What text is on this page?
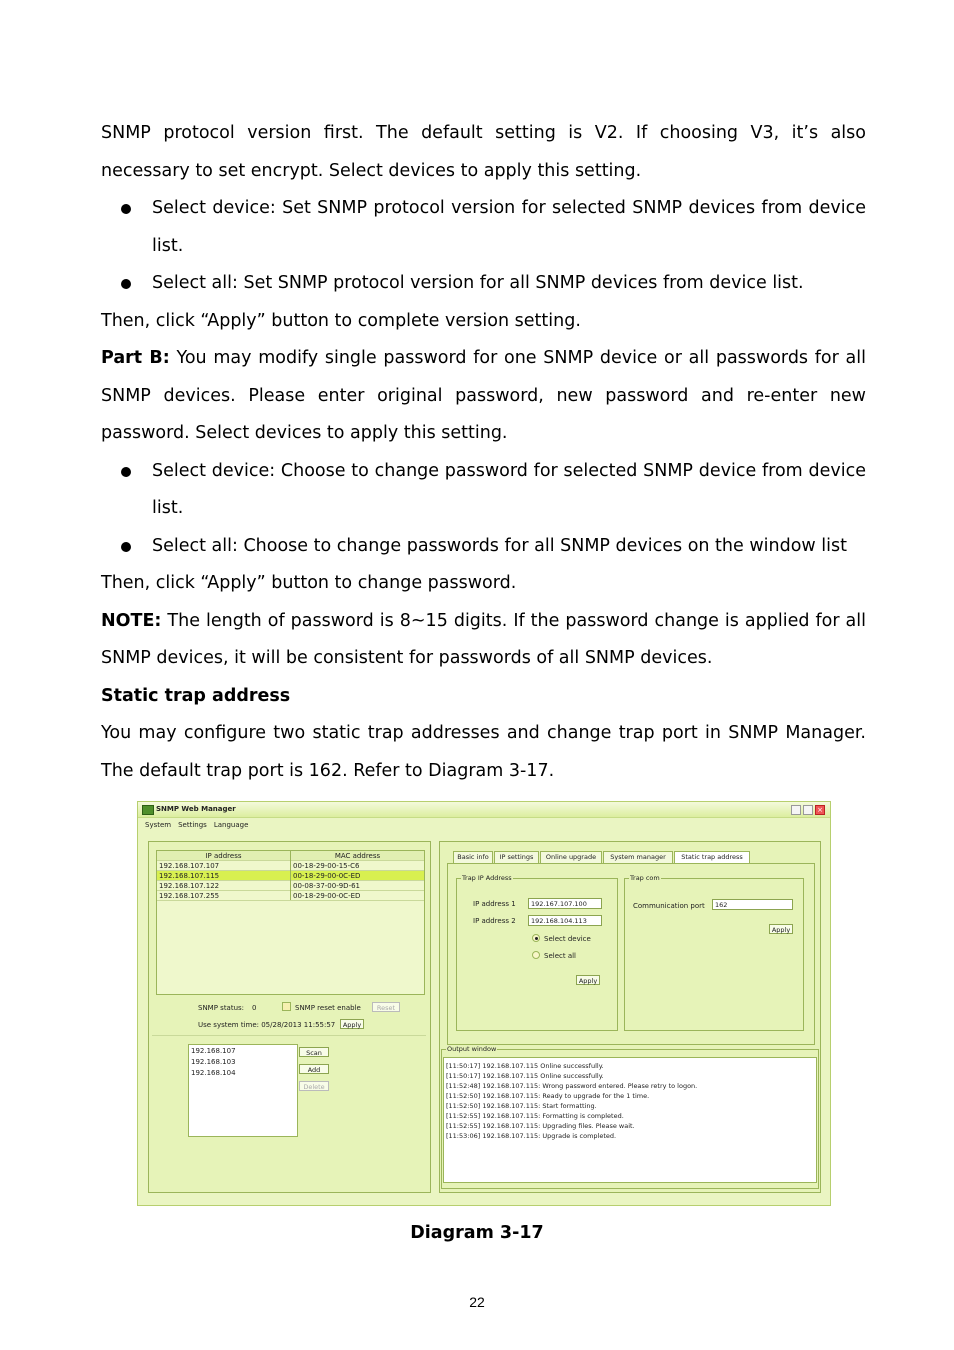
SNMP protocol version first. The default setting is V2. If choosing V3, it’s also necessary to set encrypt. Select devices to apply this setting.

Select device: Set SNMP protocol version for selected SNMP devices from device list.

Select all: Set SNMP protocol version for all SNMP devices from device list.

Then, click “Apply” button to complete version setting.

Part B: You may modify single password for one SNMP device or all passwords for all SNMP devices. Please enter original password, new password and re-enter new password. Select devices to apply this setting.

Select device: Choose to change password for selected SNMP device from device list.

Select all: Choose to change passwords for all SNMP devices on the window list

Then, click “Apply” button to change password.

NOTE: The length of password is 8~15 digits. If the password change is applied for all SNMP devices, it will be consistent for passwords of all SNMP devices.

Static trap address

You may configure two static trap addresses and change trap port in SNMP Manager. The default trap port is 162. Refer to Diagram 3-17.

SNMP Web Manager	×
System Settings Language
IP address	MAC address
192.168.107.107	00-18-29-00-15-C6
192.168.107.115	00-18-29-00-0C-ED
192.168.107.122	00-08-37-00-9D-61
192.168.107.255	00-18-29-00-0C-ED
SNMP status: 0	SNMP reset enable	Reset
Use system time: 05/28/2013 11:55:57	Apply
192.168.107
192.168.103
192.168.104
Scan
Add
Delete
Basic info	IP settings	Online upgrade	System manager	Static trap address
Trap IP Address
IP address 1	192.167.107.100
IP address 2	192.168.104.113
Select device
Select all
Apply
Trap com
Communication port	162
Apply
Output window
[11:50:17] 192.168.107.115 Online successfully.
[11:50:17] 192.168.107.115 Online successfully.
[11:52:48] 192.168.107.115: Wrong password entered. Please retry to logon.
[11:52:50] 192.168.107.115: Ready to upgrade for the 1 time.
[11:52:50] 192.168.107.115: Start formatting.
[11:52:55] 192.168.107.115: Formatting is completed.
[11:52:55] 192.168.107.115: Upgrading files. Please wait.
[11:53:06] 192.168.107.115: Upgrade is completed.
Diagram 3-17
22
